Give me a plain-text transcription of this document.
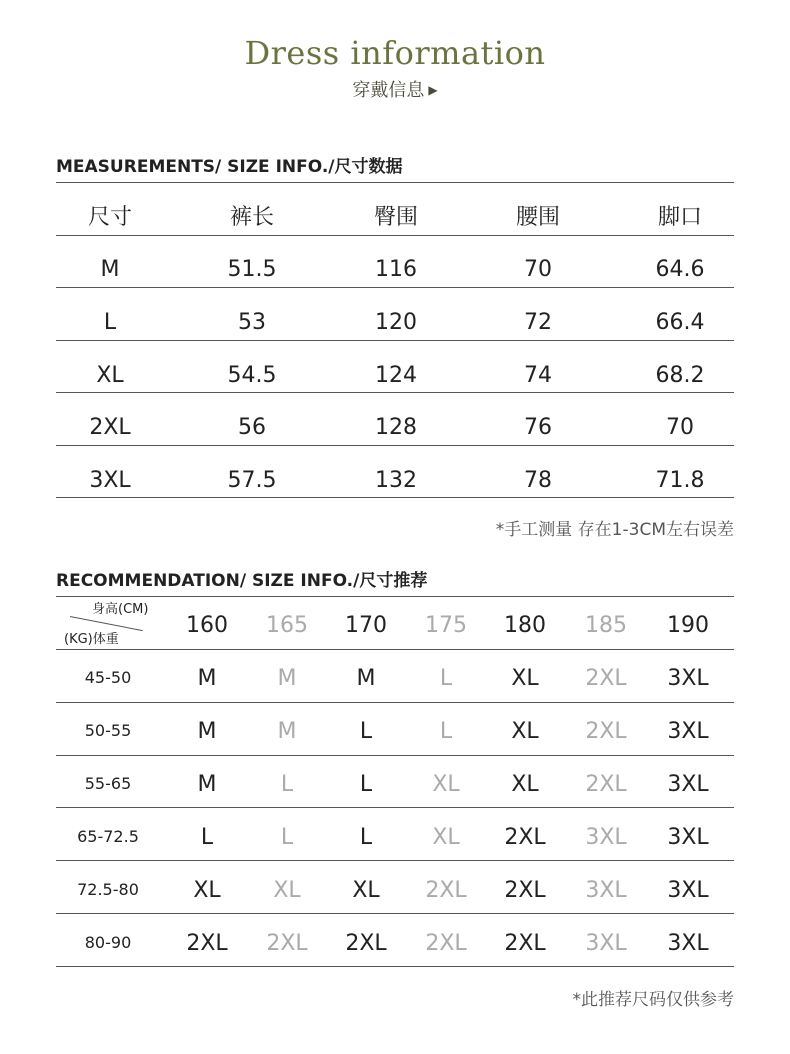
Dress information
穿戴信息 ▶
MEASUREMENTS/ SIZE INFO./尺寸数据
尺寸	裤长	臀围	腰围	脚口
M	51.5	116	70	64.6
L	53	120	72	66.4
XL	54.5	124	74	68.2
2XL	56	128	76	70
3XL	57.5	132	78	71.8
*手工测量 存在1-3CM左右误差
RECOMMENDATION/ SIZE INFO./尺寸推荐
身高(CM)
(KG)体重
160	165	170	175	180	185	190
45-50	M	M	M	L	XL	2XL	3XL
50-55	M	M	L	L	XL	2XL	3XL
55-65	M	L	L	XL	XL	2XL	3XL
65-72.5	L	L	L	XL	2XL	3XL	3XL
72.5-80	XL	XL	XL	2XL	2XL	3XL	3XL
80-90	2XL	2XL	2XL	2XL	2XL	3XL	3XL
*此推荐尺码仅供参考
